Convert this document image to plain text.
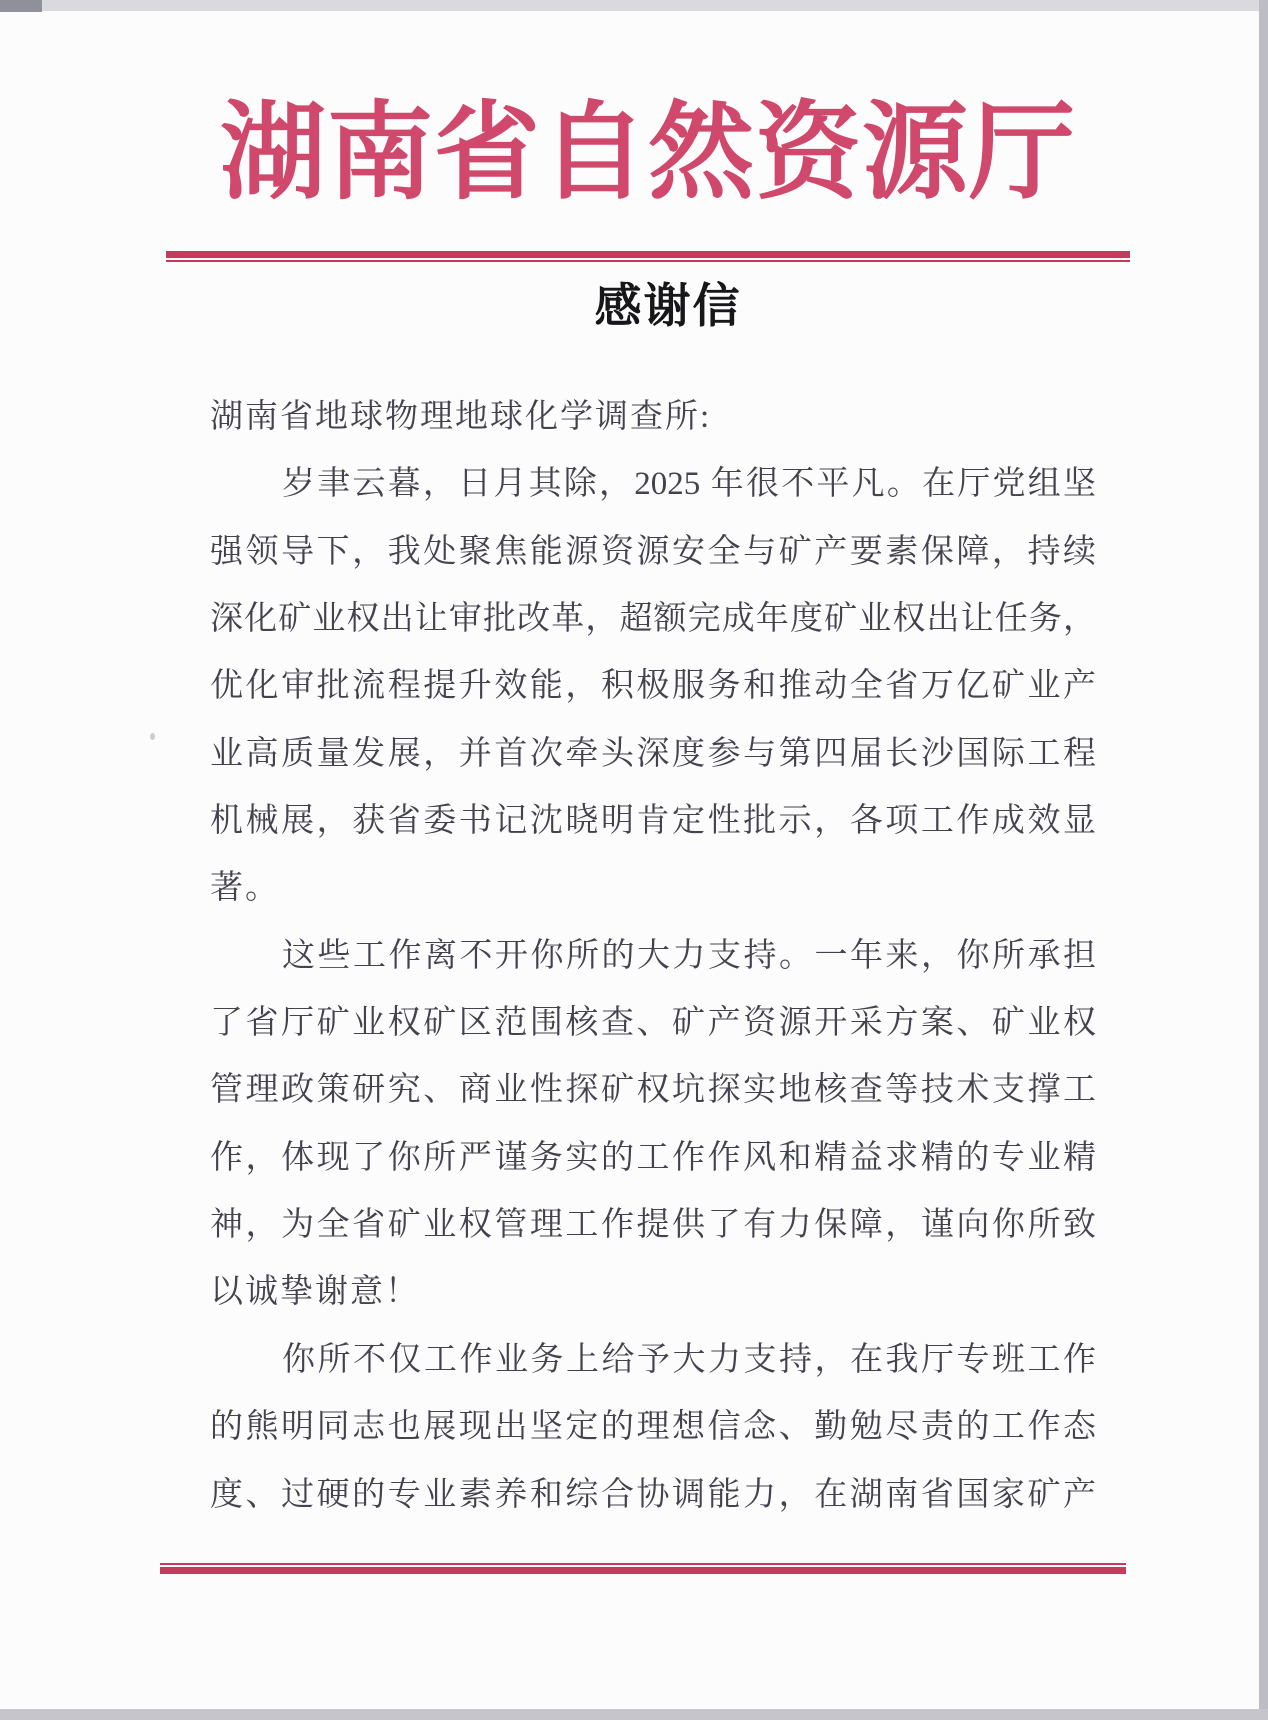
湖南省自然资源厅
感谢信
湖南省地球物理地球化学调查所:
岁聿云暮，日月其除，2025 年很不平凡。在厅党组坚
强领导下，我处聚焦能源资源安全与矿产要素保障，持续
深化矿业权出让审批改革，超额完成年度矿业权出让任务，
优化审批流程提升效能，积极服务和推动全省万亿矿业产
业高质量发展，并首次牵头深度参与第四届长沙国际工程
机械展，获省委书记沈晓明肯定性批示，各项工作成效显
著。
这些工作离不开你所的大力支持。一年来，你所承担
了省厅矿业权矿区范围核查、矿产资源开采方案、矿业权
管理政策研究、商业性探矿权坑探实地核查等技术支撑工
作，体现了你所严谨务实的工作作风和精益求精的专业精
神，为全省矿业权管理工作提供了有力保障，谨向你所致
以诚挚谢意！
你所不仅工作业务上给予大力支持，在我厅专班工作
的熊明同志也展现出坚定的理想信念、勤勉尽责的工作态
度、过硬的专业素养和综合协调能力，在湖南省国家矿产
